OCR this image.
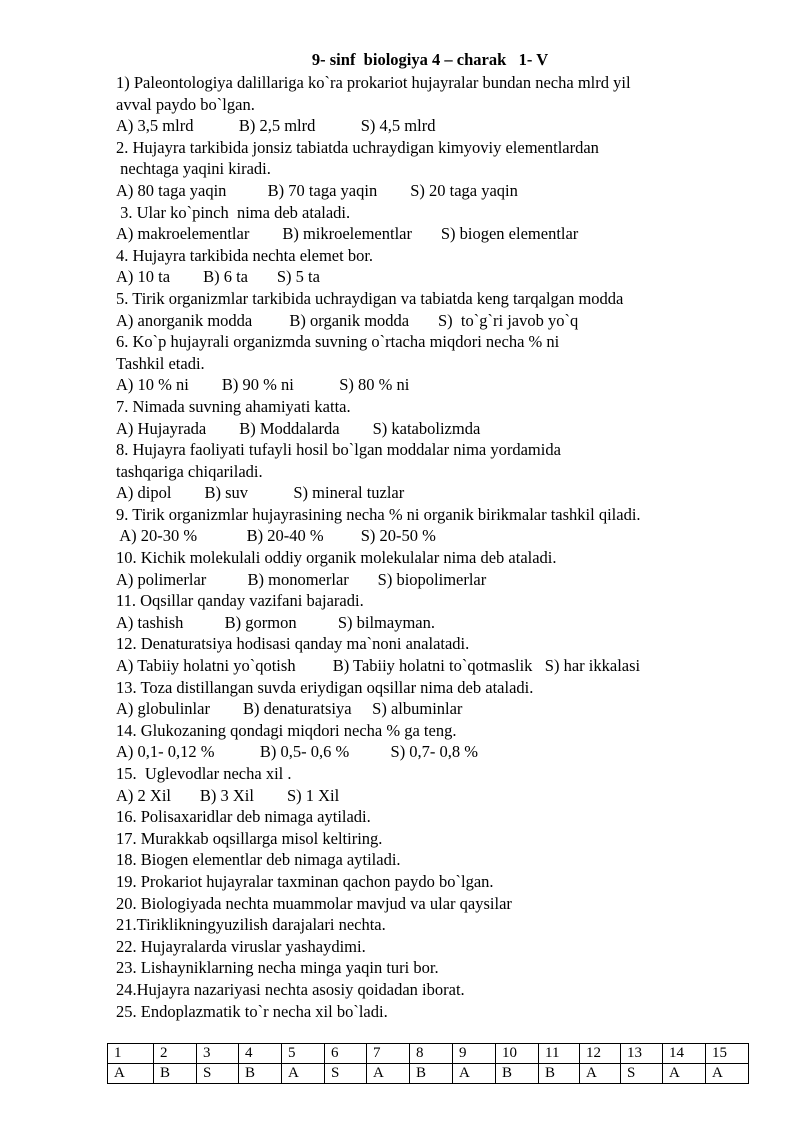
9- sinf  biologiya 4 – charak   1- V
1) Paleontologiya dalillariga ko`ra prokariot hujayralar bundan necha mlrd yil
avval paydo bo`lgan.
A) 3,5 mlrd           B) 2,5 mlrd           S) 4,5 mlrd
2. Hujayra tarkibida jonsiz tabiatda uchraydigan kimyoviy elementlardan
nechtaga yaqini kiradi.
A) 80 taga yaqin          B) 70 taga yaqin        S) 20 taga yaqin
3. Ular ko`pinch  nima deb ataladi.
A) makroelementlar        B) mikroelementlar       S) biogen elementlar
4. Hujayra tarkibida nechta elemet bor.
A) 10 ta        B) 6 ta       S) 5 ta
5. Tirik organizmlar tarkibida uchraydigan va tabiatda keng tarqalgan modda
A) anorganik modda         B) organik modda       S)  to`g`ri javob yo`q
6. Ko`p hujayrali organizmda suvning o`rtacha miqdori necha % ni
Tashkil etadi.
A) 10 % ni        B) 90 % ni           S) 80 % ni
7. Nimada suvning ahamiyati katta.
A) Hujayrada        B) Moddalarda        S) katabolizmda
8. Hujayra faoliyati tufayli hosil bo`lgan moddalar nima yordamida
tashqariga chiqariladi.
A) dipol        B) suv           S) mineral tuzlar
9. Tirik organizmlar hujayrasining necha % ni organik birikmalar tashkil qiladi.
A) 20-30 %            B) 20-40 %         S) 20-50 %
10. Kichik molekulali oddiy organik molekulalar nima deb ataladi.
A) polimerlar          B) monomerlar       S) biopolimerlar
11. Oqsillar qanday vazifani bajaradi.
A) tashish          B) gormon          S) bilmayman.
12. Denaturatsiya hodisasi qanday ma`noni analatadi.
A) Tabiiy holatni yo`qotish         B) Tabiiy holatni to`qotmaslik   S) har ikkalasi
13. Toza distillangan suvda eriydigan oqsillar nima deb ataladi.
A) globulinlar        B) denaturatsiya     S) albuminlar
14. Glukozaning qondagi miqdori necha % ga teng.
A) 0,1- 0,12 %           B) 0,5- 0,6 %          S) 0,7- 0,8 %
15.  Uglevodlar necha xil .
A) 2 Xil       B) 3 Xil        S) 1 Xil
16. Polisaxaridlar deb nimaga aytiladi.
17. Murakkab oqsillarga misol keltiring.
18. Biogen elementlar deb nimaga aytiladi.
19. Prokariot hujayralar taxminan qachon paydo bo`lgan.
20. Biologiyada nechta muammolar mavjud va ular qaysilar
21.Tiriklikningyuzilish darajalari nechta.
22. Hujayralarda viruslar yashaydimi.
23. Lishayniklarning necha minga yaqin turi bor.
24.Hujayra nazariyasi nechta asosiy qoidadan iborat.
25. Endoplazmatik to`r necha xil bo`ladi.
1	2	3	4	5	6	7	8	9	10	11	12	13	14	15
A	B	S	B	A	S	A	B	A	B	B	A	S	A	A
